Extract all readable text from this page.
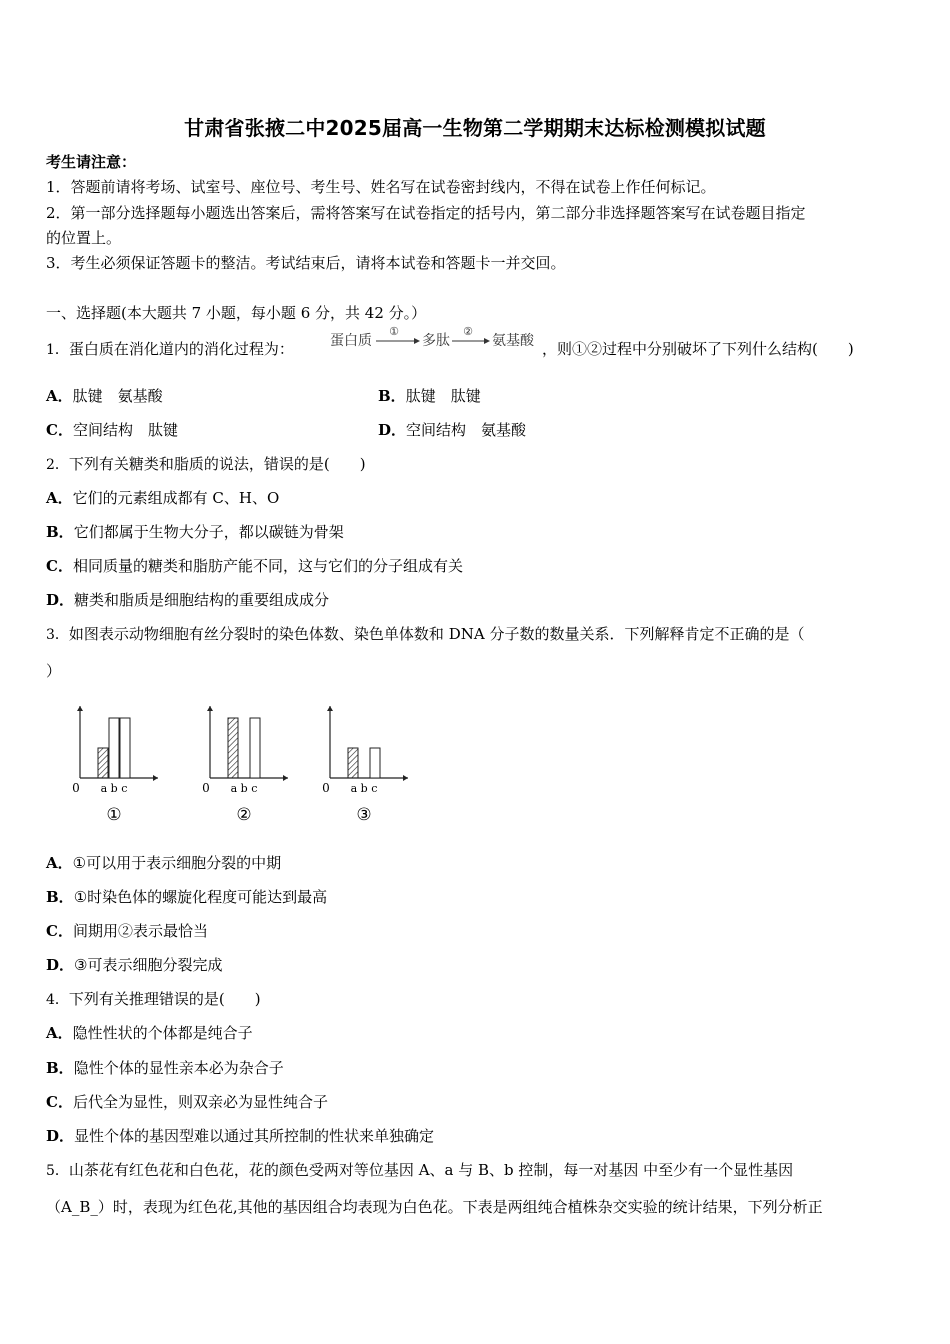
甘肃省张掖二中2025届高一生物第二学期期末达标检测模拟试题
考生请注意：
1．答题前请将考场、试室号、座位号、考生号、姓名写在试卷密封线内，不得在试卷上作任何标记。
2．第一部分选择题每小题选出答案后，需将答案写在试卷指定的括号内，第二部分非选择题答案写在试卷题目指定
的位置上。
3．考生必须保证答题卡的整洁。考试结束后，请将本试卷和答题卡一并交回。
一、选择题(本大题共 7 小题，每小题 6 分，共 42 分。）
1．蛋白质在消化道内的消化过程为：	蛋白质
①
多肽
②
氨基酸 ，则①②过程中分别破坏了下列什么结构(　　)
A．肽键　氨基酸	B．肽键　肽键
C．空间结构　肽键	D．空间结构　氨基酸
2．下列有关糖类和脂质的说法，错误的是(　　)
A．它们的元素组成都有 C、H、O
B．它们都属于生物大分子，都以碳链为骨架
C．相同质量的糖类和脂肪产能不同，这与它们的分子组成有关
D．糖类和脂质是细胞结构的重要组成成分
3．如图表示动物细胞有丝分裂时的染色体数、染色单体数和 DNA 分子数的数量关系．下列解释肯定不正确的是（
）
0 a b c
①
0 a b c
②
0 a b c
③
A．①可以用于表示细胞分裂的中期
B．①时染色体的螺旋化程度可能达到最高
C．间期用②表示最恰当
D．③可表示细胞分裂完成
4．下列有关推理错误的是(　　)
A．隐性性状的个体都是纯合子
B．隐性个体的显性亲本必为杂合子
C．后代全为显性，则双亲必为显性纯合子
D．显性个体的基因型难以通过其所控制的性状来单独确定
5．山茶花有红色花和白色花，花的颜色受两对等位基因 A、a 与 B、b 控制，每一对基因 中至少有一个显性基因
（A_B_）时，表现为红色花,其他的基因组合均表现为白色花。下表是两组纯合植株杂交实验的统计结果，下列分析正
